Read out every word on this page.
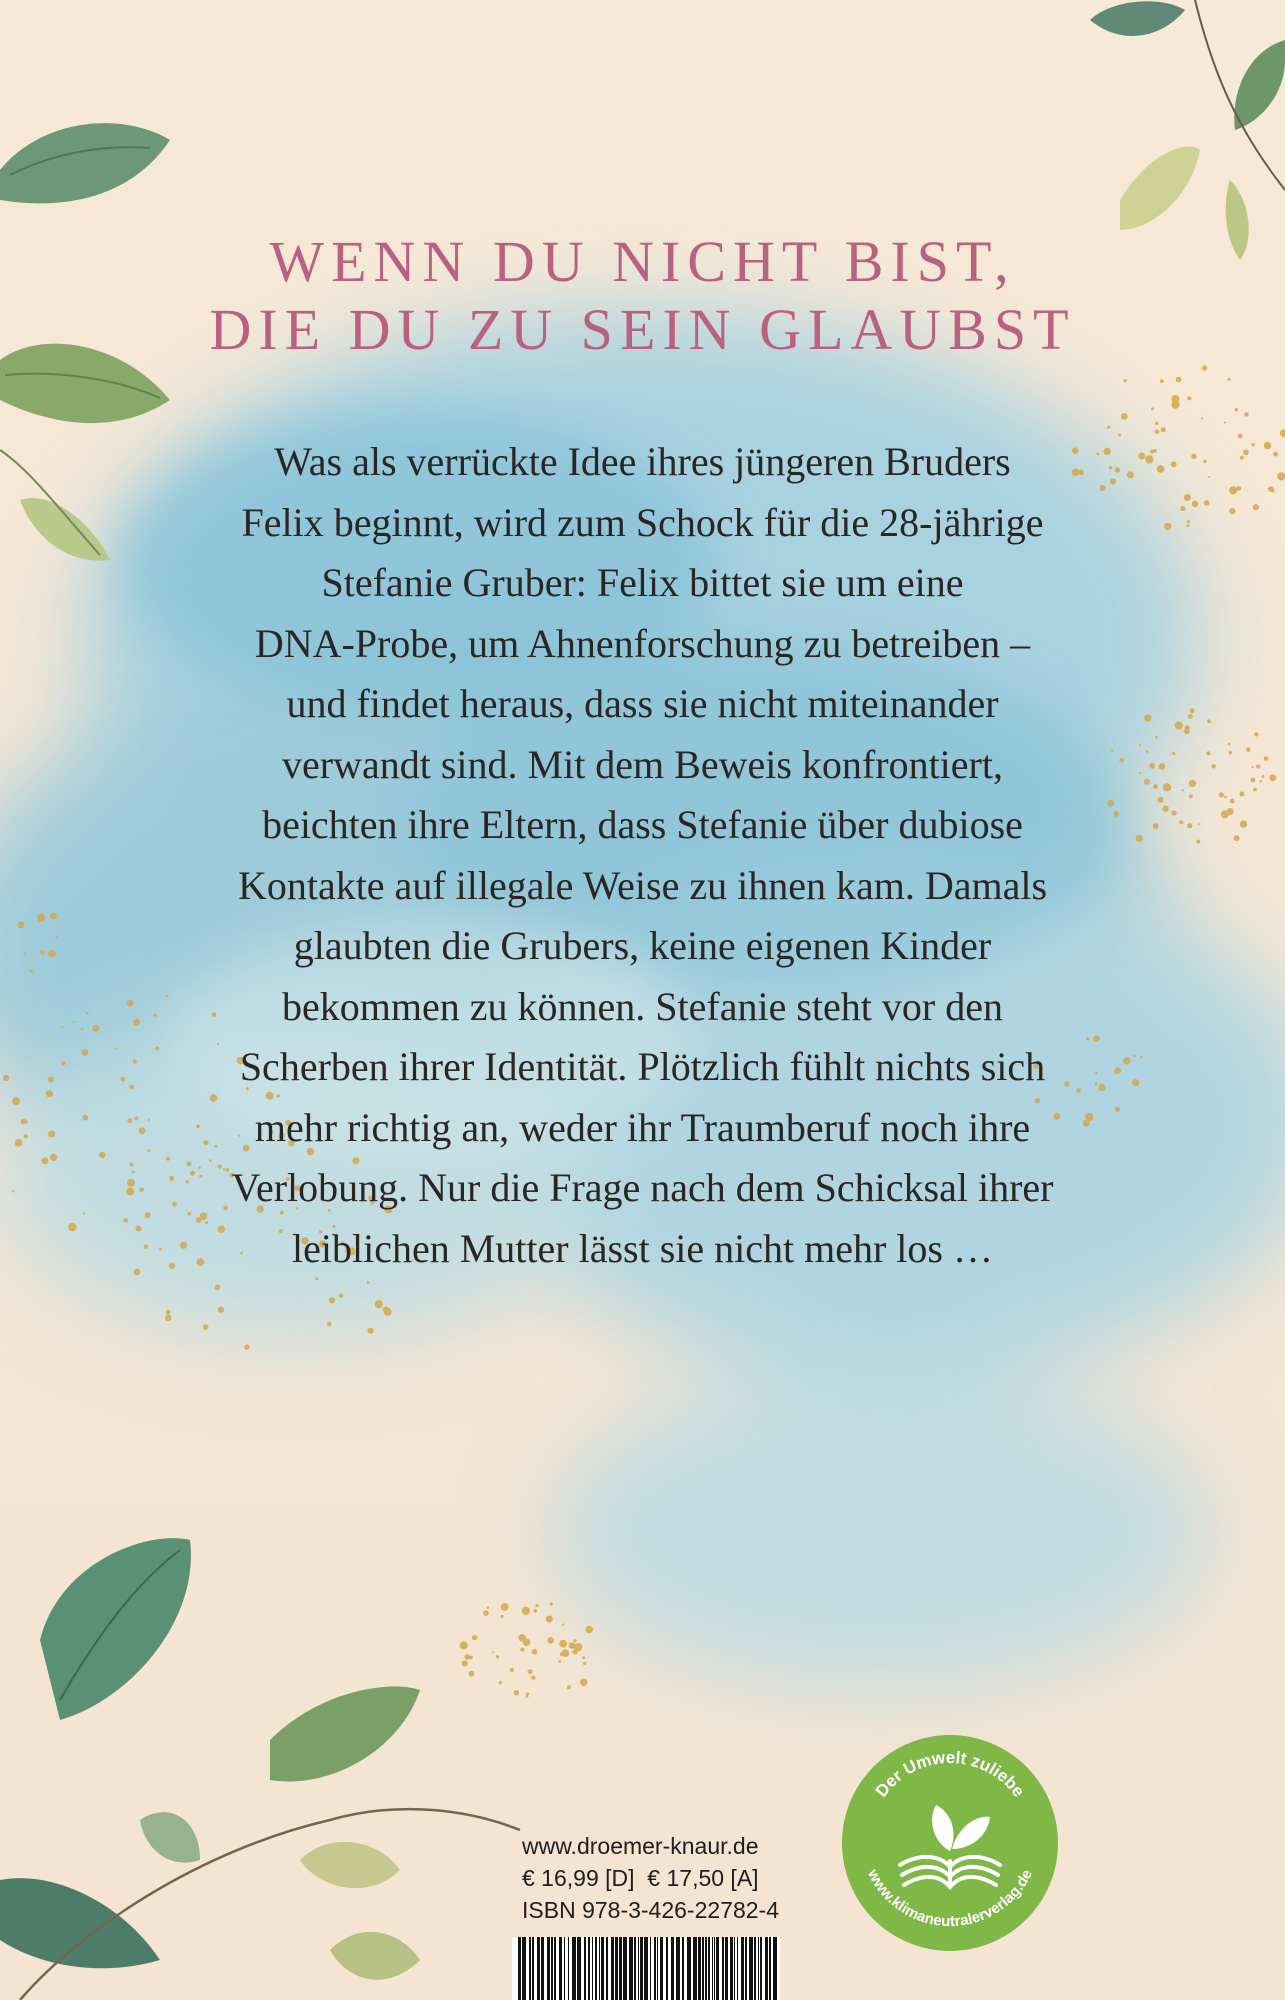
WENN DU NICHT BIST,
DIE DU ZU SEIN GLAUBST
Was als verrückte Idee ihres jüngeren Bruders
Felix beginnt, wird zum Schock für die 28-jährige
Stefanie Gruber: Felix bittet sie um eine
DNA-Probe, um Ahnenforschung zu betreiben –
und findet heraus, dass sie nicht miteinander
verwandt sind. Mit dem Beweis konfrontiert,
beichten ihre Eltern, dass Stefanie über dubiose
Kontakte auf illegale Weise zu ihnen kam. Damals
glaubten die Grubers, keine eigenen Kinder
bekommen zu können. Stefanie steht vor den
Scherben ihrer Identität. Plötzlich fühlt nichts sich
mehr richtig an, weder ihr Traumberuf noch ihre
Verlobung. Nur die Frage nach dem Schicksal ihrer
leiblichen Mutter lässt sie nicht mehr los …
www.droemer-knaur.de
€ 16,99 [D]  € 17,50 [A]
ISBN 978-3-426-22782-4
Der Umwelt zuliebe
www.klimaneutralerverlag.de
